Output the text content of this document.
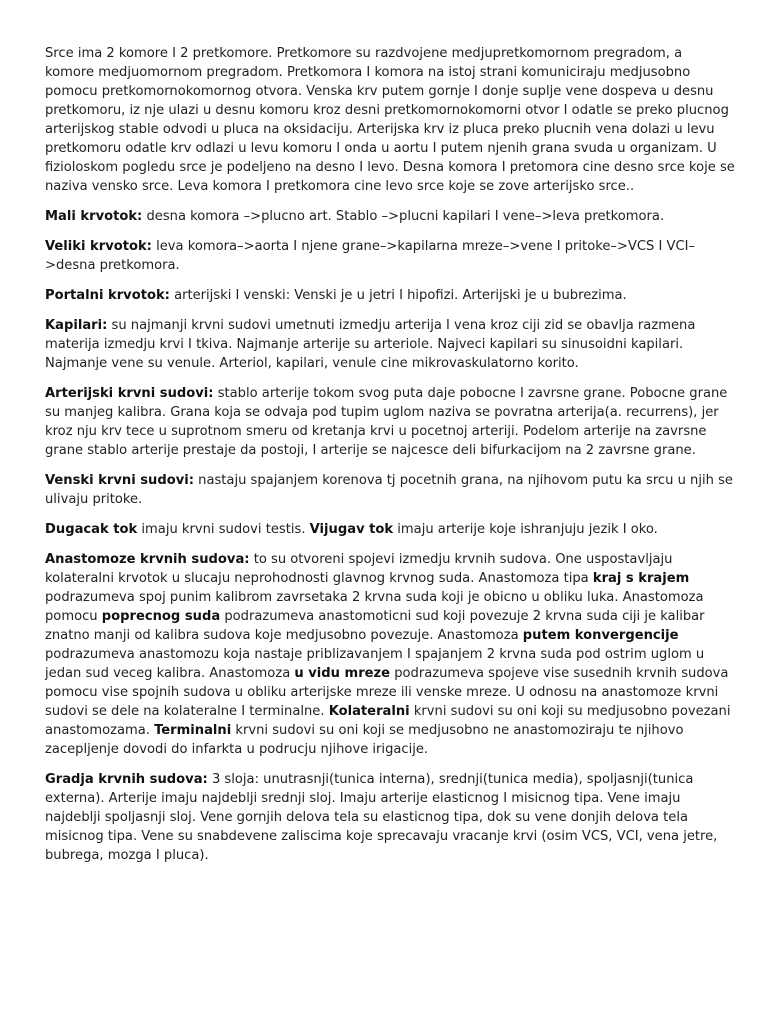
Srce ima 2 komore I 2 pretkomore. Pretkomore su razdvojene medjupretkomornom pregradom, a komore medjuomornom pregradom. Pretkomora I komora na istoj strani komuniciraju medjusobno pomocu pretkomornokomornog otvora. Venska krv putem gornje I donje suplje vene dospeva u desnu pretkomoru, iz nje ulazi u desnu komoru kroz desni pretkomornokomorni otvor I odatle se preko plucnog arterijskog stable odvodi u pluca na oksidaciju. Arterijska krv iz pluca preko plucnih vena dolazi u levu pretkomoru odatle krv odlazi u levu komoru I onda u aortu I putem njenih grana svuda u organizam. U fizioloskom pogledu srce je podeljeno na desno I levo. Desna komora I pretomora cine desno srce koje se naziva vensko srce. Leva komora I pretkomora cine levo srce koje se zove arterijsko srce..

Mali krvotok: desna komora –>plucno art. Stablo –>plucni kapilari I vene–>leva pretkomora.

Veliki krvotok: leva komora–>aorta I njene grane–>kapilarna mreze–>vene I pritoke–>VCS I VCI–>desna pretkomora.

Portalni krvotok: arterijski I venski: Venski je u jetri I hipofizi. Arterijski je u bubrezima.

Kapilari: su najmanji krvni sudovi umetnuti izmedju arterija I vena kroz ciji zid se obavlja razmena materija izmedju krvi I tkiva. Najmanje arterije su arteriole. Najveci kapilari su sinusoidni kapilari. Najmanje vene su venule. Arteriol, kapilari, venule cine mikrovaskulatorno korito.

Arterijski krvni sudovi: stablo arterije tokom svog puta daje pobocne I zavrsne grane. Pobocne grane su manjeg kalibra. Grana koja se odvaja pod tupim uglom naziva se povratna arterija(a. recurrens), jer kroz nju krv tece u suprotnom smeru od kretanja krvi u pocetnoj arteriji. Podelom arterije na zavrsne grane stablo arterije prestaje da postoji, I arterije se najcesce deli bifurkacijom na 2 zavrsne grane.

Venski krvni sudovi: nastaju spajanjem korenova tj pocetnih grana, na njihovom putu ka srcu u njih se ulivaju pritoke.

Dugacak tok imaju krvni sudovi testis. Vijugav tok imaju arterije koje ishranjuju jezik I oko.

Anastomoze krvnih sudova: to su otvoreni spojevi izmedju krvnih sudova. One uspostavljaju kolateralni krvotok u slucaju neprohodnosti glavnog krvnog suda. Anastomoza tipa kraj s krajem podrazumeva spoj punim kalibrom zavrsetaka 2 krvna suda koji je obicno u obliku luka. Anastomoza pomocu poprecnog suda podrazumeva anastomoticni sud koji povezuje 2 krvna suda ciji je kalibar znatno manji od kalibra sudova koje medjusobno povezuje. Anastomoza putem konvergencije podrazumeva anastomozu koja nastaje priblizavanjem I spajanjem 2 krvna suda pod ostrim uglom u jedan sud veceg kalibra. Anastomoza u vidu mreze podrazumeva spojeve vise susednih krvnih sudova pomocu vise spojnih sudova u obliku arterijske mreze ili venske mreze. U odnosu na anastomoze krvni sudovi se dele na kolateralne I terminalne. Kolateralni krvni sudovi su oni koji su medjusobno povezani anastomozama. Terminalni krvni sudovi su oni koji se medjusobno ne anastomoziraju te njihovo zacepljenje dovodi do infarkta u podrucju njihove irigacije.

Gradja krvnih sudova: 3 sloja: unutrasnji(tunica interna), srednji(tunica media), spoljasnji(tunica externa). Arterije imaju najdeblji srednji sloj. Imaju arterije elasticnog I misicnog tipa. Vene imaju najdeblji spoljasnji sloj. Vene gornjih delova tela su elasticnog tipa, dok su vene donjih delova tela misicnog tipa. Vene su snabdevene zaliscima koje sprecavaju vracanje krvi (osim VCS, VCI, vena jetre, bubrega, mozga I pluca).
